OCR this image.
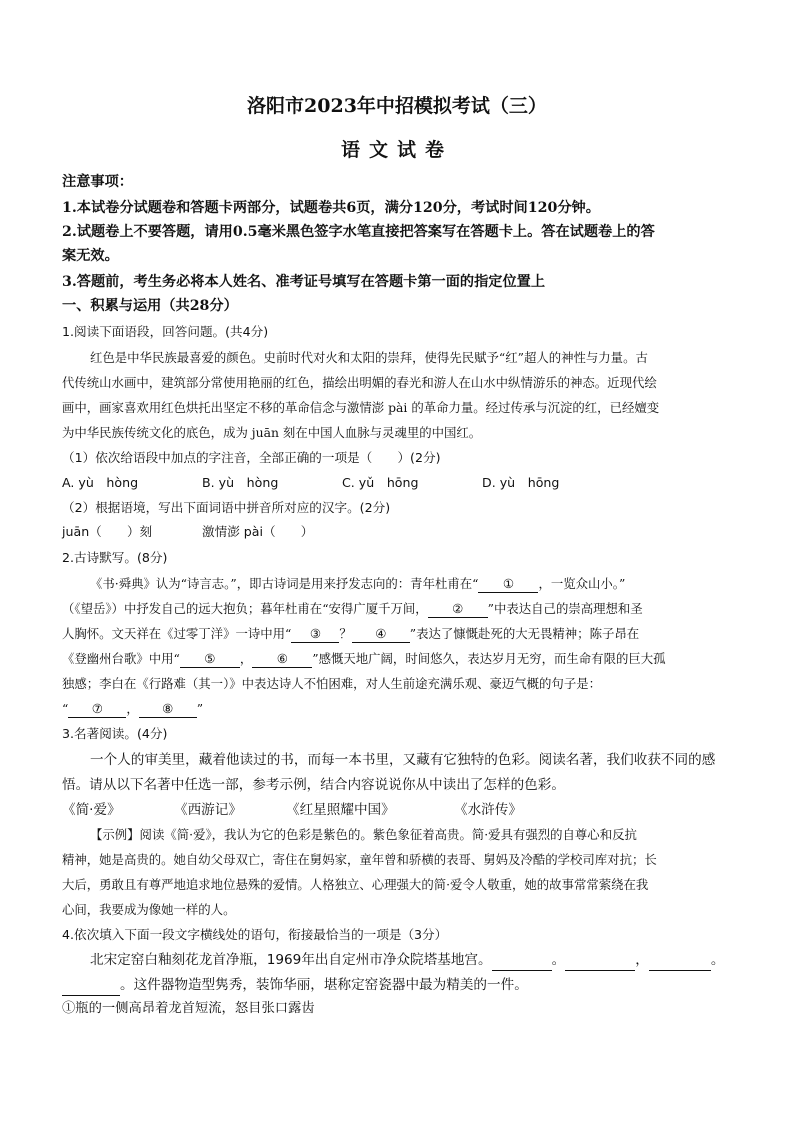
洛阳市2023年中招模拟考试（三）
语文试卷
注意事项：
1.本试卷分试题卷和答题卡两部分，试题卷共6页，满分120分，考试时间120分钟。
2.试题卷上不要答题，请用0.5毫米黑色签字水笔直接把答案写在答题卡上。答在试题卷上的答
案无效。
3.答题前，考生务必将本人姓名、准考证号填写在答题卡第一面的指定位置上
一、积累与运用（共28分）
1.阅读下面语段，回答问题。(共4分)
红色是中华民族最喜爱的颜色。史前时代对火和太阳的崇拜，使得先民赋予“红”超人的神性与力量。古
代传统山水画中，建筑部分常使用艳丽的红色，描绘出明媚的春光和游人在山水中纵情游乐的神态。近现代绘
画中，画家喜欢用红色烘托出坚定不移的革命信念与激情澎 pài 的革命力量。经过传承与沉淀的红，已经嬗变
为中华民族传统文化的底色，成为 juān 刻在中国人血脉与灵魂里的中国红。
（1）依次给语段中加点的字注音，全部正确的一项是（　　）(2分)
A. yù　hòng	B. yù　hòng	C. yǔ　hōng	D. yù　hōng
（2）根据语境，写出下面词语中拼音所对应的汉字。(2分)
juān（　　）刻	激情澎 pài（　　）
2.古诗默写。(8分)
《书·舜典》认为“诗言志。”，即古诗词是用来抒发志向的：青年杜甫在“ ① ，一览众山小。”
（《望岳》）中抒发自己的远大抱负；暮年杜甫在“安得广厦千万间， ② ”中表达自己的崇高理想和圣
人胸怀。文天祥在《过零丁洋》一诗中用“ ③ ？ ④ ”表达了慷慨赴死的大无畏精神；陈子昂在
《登幽州台歌》中用“ ⑤ ， ⑥ ”感慨天地广阔，时间悠久，表达岁月无穷，而生命有限的巨大孤
独感；李白在《行路难（其一）》中表达诗人不怕困难，对人生前途充满乐观、豪迈气概的句子是：
“ ⑦ ， ⑧ ”
3.名著阅读。(4分)
一个人的审美里，藏着他读过的书，而每一本书里，又藏有它独特的色彩。阅读名著，我们收获不同的感
悟。请从以下名著中任选一部，参考示例，结合内容说说你从中读出了怎样的色彩。
《简·爱》	《西游记》	《红星照耀中国》	《水浒传》
【示例】阅读《简·爱》，我认为它的色彩是紫色的。紫色象征着高贵。简·爱具有强烈的自尊心和反抗
精神，她是高贵的。她自幼父母双亡，寄住在舅妈家，童年曾和骄横的表哥、舅妈及冷酷的学校司库对抗；长
大后，勇敢且有尊严地追求地位悬殊的爱情。人格独立、心理强大的简·爱令人敬重，她的故事常常萦绕在我
心间，我要成为像她一样的人。
4.依次填入下面一段文字横线处的语句，衔接最恰当的一项是（3分）
北宋定窑白釉刻花龙首净瓶，1969年出自定州市净众院塔基地宫。	。	，	。
。这件器物造型隽秀，装饰华丽，堪称定窑瓷器中最为精美的一件。
①瓶的一侧高昂着龙首短流，怒目张口露齿
